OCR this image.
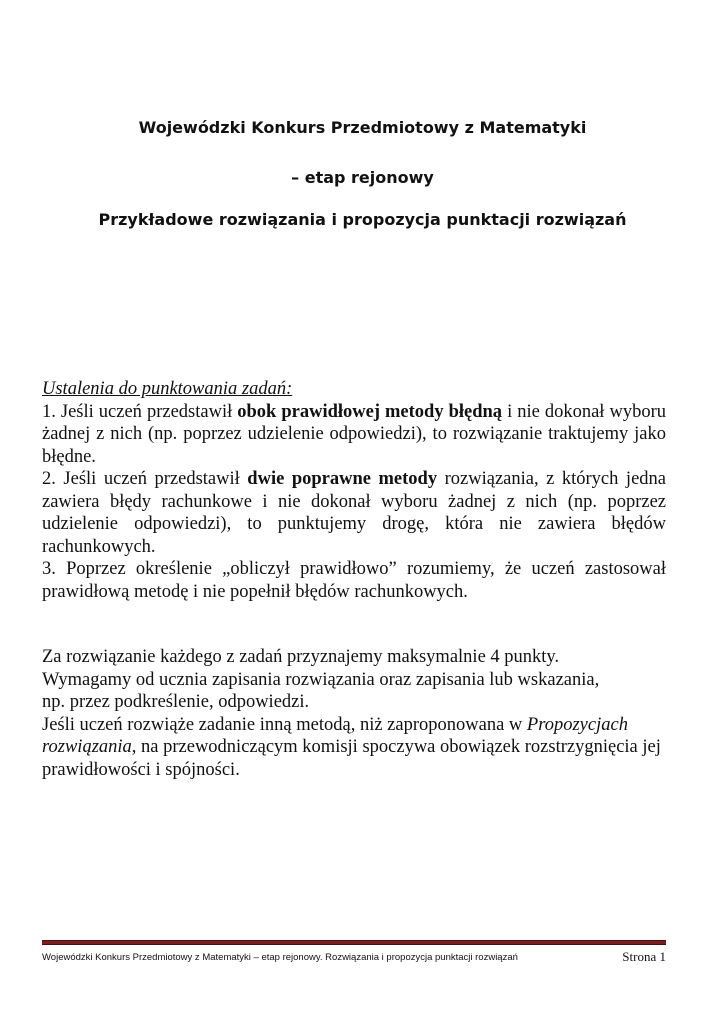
Wojewódzki Konkurs Przedmiotowy z Matematyki
– etap rejonowy
Przykładowe rozwiązania i propozycja punktacji rozwiązań

Ustalenia do punktowania zadań:

1. Jeśli uczeń przedstawił obok prawidłowej metody błędną i nie dokonał wyboru żadnej z nich (np. poprzez udzielenie odpowiedzi), to rozwiązanie traktujemy jako błędne.

2. Jeśli uczeń przedstawił dwie poprawne metody rozwiązania, z których jedna zawiera błędy rachunkowe i nie dokonał wyboru żadnej z nich (np. poprzez udzielenie odpowiedzi), to punktujemy drogę, która nie zawiera błędów rachunkowych.

3. Poprzez określenie „obliczył prawidłowo” rozumiemy, że uczeń zastosował prawidłową metodę i nie popełnił błędów rachunkowych.

Za rozwiązanie każdego z zadań przyznajemy maksymalnie 4 punkty.

Wymagamy od ucznia zapisania rozwiązania oraz zapisania lub wskazania,

np. przez podkreślenie, odpowiedzi.

Jeśli uczeń rozwiąże zadanie inną metodą, niż zaproponowana w Propozycjach rozwiązania, na przewodniczącym komisji spoczywa obowiązek rozstrzygnięcia jej prawidłowości i spójności.

Wojewódzki Konkurs Przedmiotowy z Matematyki – etap rejonowy. Rozwiązania i propozycja punktacji rozwiązań	Strona 1
